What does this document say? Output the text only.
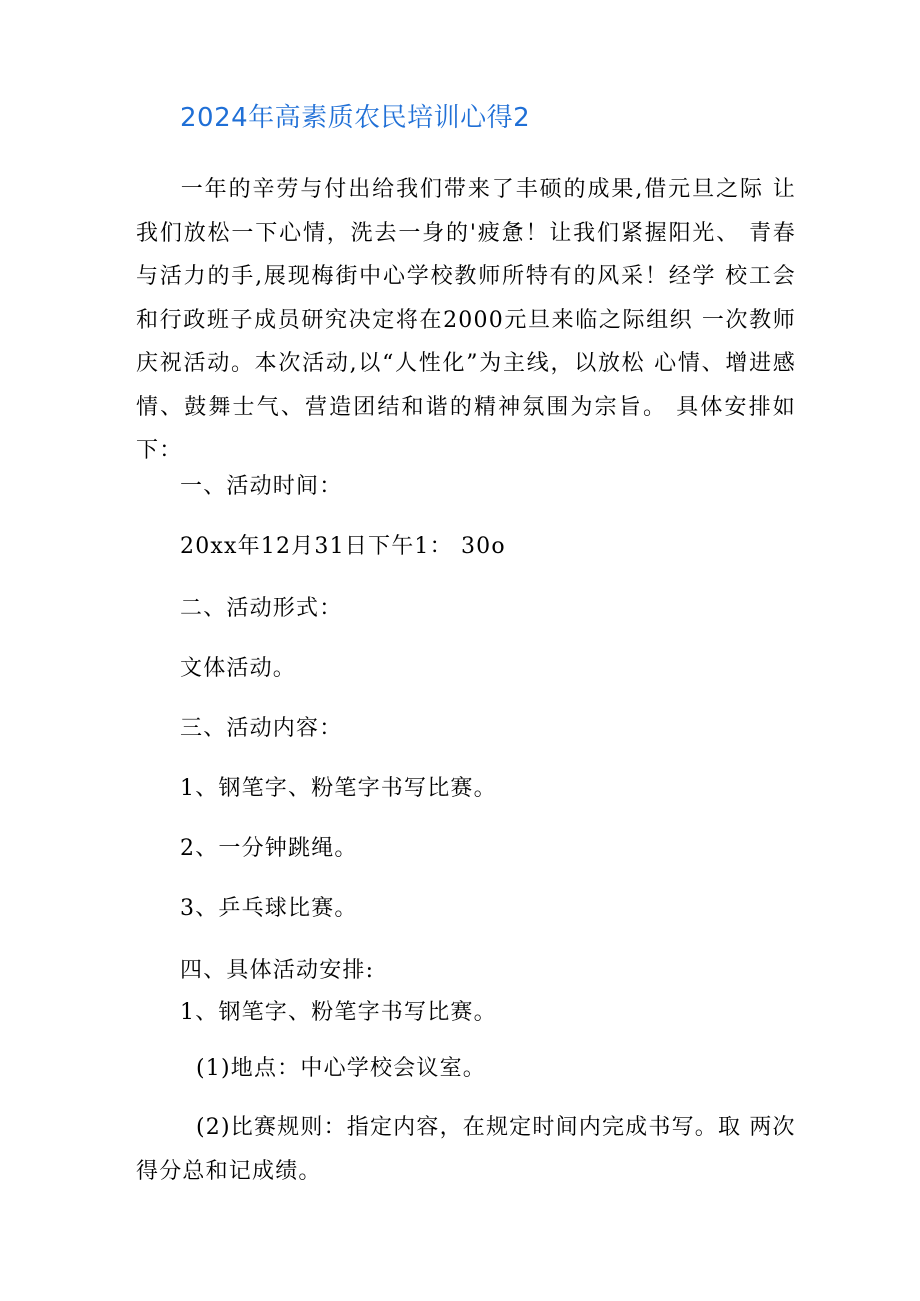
2024年高素质农民培训心得2
一年的辛劳与付出给我们带来了丰硕的成果,借元旦之际 让我们放松一下心情，洗去一身的'疲惫！让我们紧握阳光、 青春与活力的手,展现梅街中心学校教师所特有的风采！经学 校工会和行政班子成员研究决定将在2000元旦来临之际组织 一次教师庆祝活动。本次活动,以“人性化”为主线，以放松 心情、增进感情、鼓舞士气、营造团结和谐的精神氛围为宗旨。 具体安排如下：
一、活动时间：
20xx年12月31日下午1： 30o
二、活动形式：
文体活动。
三、活动内容：
1、钢笔字、粉笔字书写比赛。
2、一分钟跳绳。
3、乒乓球比赛。
四、具体活动安排:
1、钢笔字、粉笔字书写比赛。
(1)地点：中心学校会议室。
(2)比赛规则：指定内容，在规定时间内完成书写。取 两次得分总和记成绩。
